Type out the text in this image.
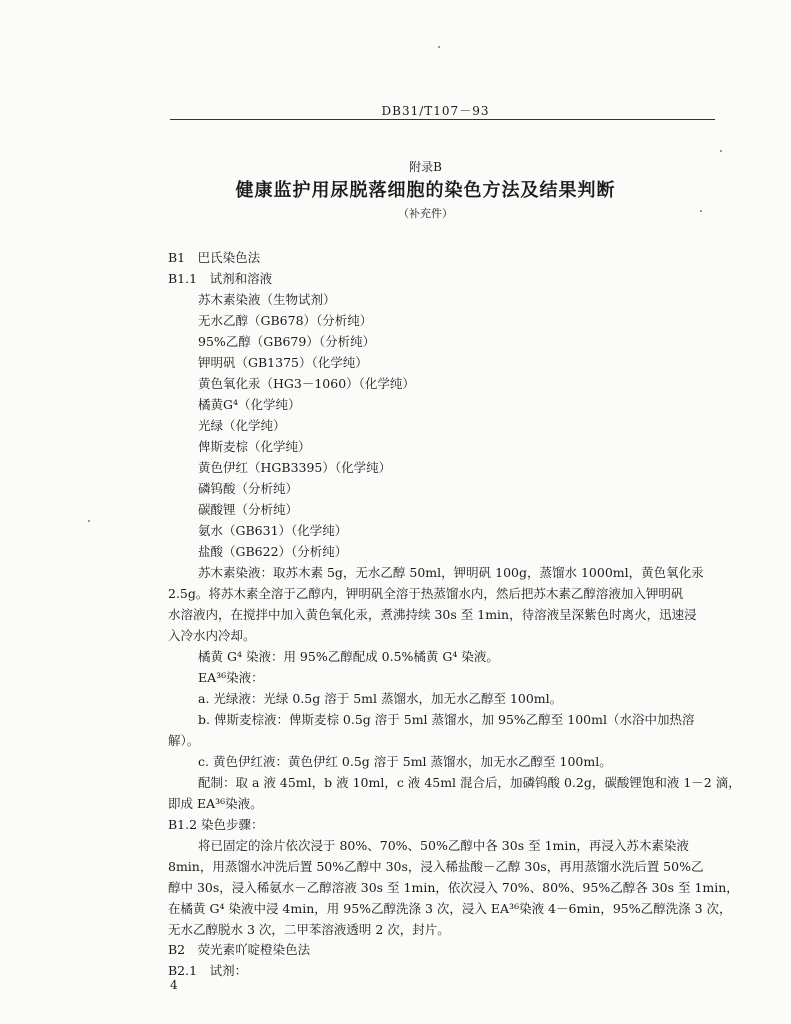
DB31/T107－93
附录B
健康监护用尿脱落细胞的染色方法及结果判断
（补充件）
B1　巴氏染色法
B1.1　试剂和溶液
苏木素染液（生物试剂）
无水乙醇（GB678）（分析纯）
95%乙醇（GB679）（分析纯）
钾明矾（GB1375）（化学纯）
黄色氧化汞（HG3－1060）（化学纯）
橘黄G⁴（化学纯）
光绿（化学纯）
俾斯麦棕（化学纯）
黄色伊红（HGB3395）（化学纯）
磷钨酸（分析纯）
碳酸锂（分析纯）
氨水（GB631）（化学纯）
盐酸（GB622）（分析纯）
苏木素染液：取苏木素 5g，无水乙醇 50ml，钾明矾 100g，蒸馏水 1000ml，黄色氧化汞
2.5g。将苏木素全溶于乙醇内，钾明矾全溶于热蒸馏水内，然后把苏木素乙醇溶液加入钾明矾
水溶液内，在搅拌中加入黄色氧化汞，煮沸持续 30s 至 1min，待溶液呈深紫色时离火，迅速浸
入冷水内冷却。
橘黄 G⁴ 染液：用 95%乙醇配成 0.5%橘黄 G⁴ 染液。
EA³⁶染液：
a. 光绿液：光绿 0.5g 溶于 5ml 蒸馏水，加无水乙醇至 100ml。
b. 俾斯麦棕液：俾斯麦棕 0.5g 溶于 5ml 蒸馏水，加 95%乙醇至 100ml（水浴中加热溶
解）。
c. 黄色伊红液：黄色伊红 0.5g 溶于 5ml 蒸馏水，加无水乙醇至 100ml。
配制：取 a 液 45ml，b 液 10ml，c 液 45ml 混合后，加磷钨酸 0.2g，碳酸锂饱和液 1－2 滴，
即成 EA³⁶染液。
B1.2 染色步骤：
将已固定的涂片依次浸于 80%、70%、50%乙醇中各 30s 至 1min，再浸入苏木素染液
8min，用蒸馏水冲洗后置 50%乙醇中 30s，浸入稀盐酸－乙醇 30s，再用蒸馏水洗后置 50%乙
醇中 30s，浸入稀氨水－乙醇溶液 30s 至 1min，依次浸入 70%、80%、95%乙醇各 30s 至 1min，
在橘黄 G⁴ 染液中浸 4min，用 95%乙醇洗涤 3 次，浸入 EA³⁶染液 4－6min，95%乙醇洗涤 3 次，
无水乙醇脱水 3 次，二甲苯溶液透明 2 次，封片。
B2　荧光素吖啶橙染色法
B2.1　试剂：
4
